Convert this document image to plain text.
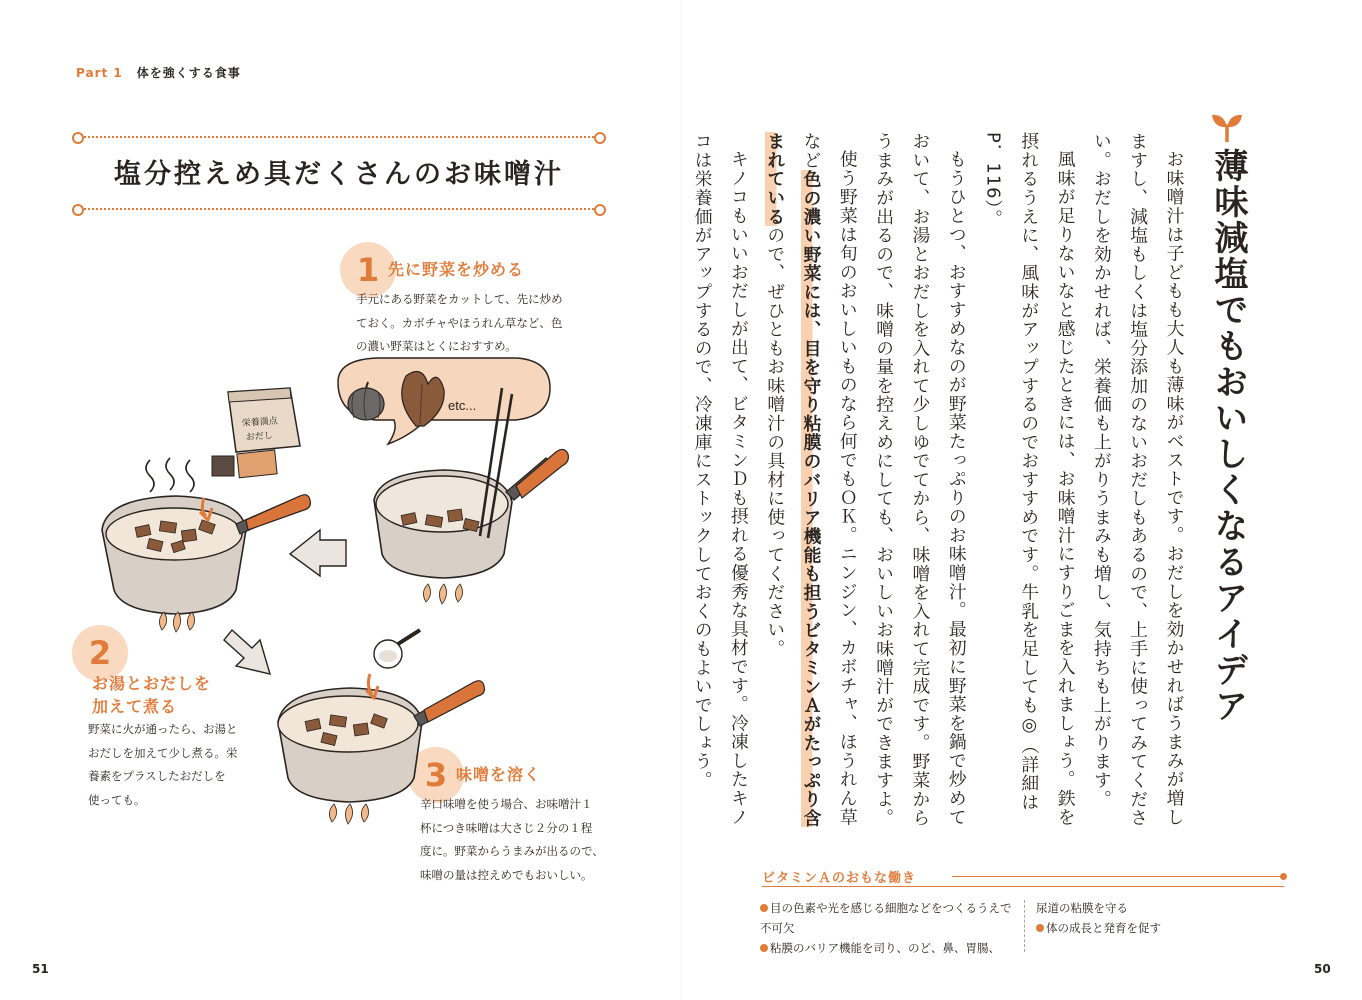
Part 1 体を強くする食事
塩分控えめ具だくさんのお味噌汁
1 先に野菜を炒める
手元にある野菜をカットして、先に炒め
ておく。カボチャやほうれん草など、色
の濃い野菜はとくにおすすめ。
2
お湯とおだしを
加えて煮る
野菜に火が通ったら、お湯と
おだしを加えて少し煮る。栄
養素をプラスしたおだしを
使っても。
3 味噌を溶く
辛口味噌を使う場合、お味噌汁１
杯につき味噌は大さじ２分の１程
度に。野菜からうまみが出るので、
味噌の量は控えめでもおいしい。
etc...
栄養満点
おだし
51
薄味減塩でもおいしくなるアイデア

お味噌汁は子どもも大人も薄味がベストです。おだしを効かせればうまみが増しますし、減塩もしくは塩分添加のないおだしもあるので、上手に使ってみてください。おだしを効かせれば、栄養価も上がりうまみも増し、気持ちも上がります。

風味が足りないなと感じたときには、お味噌汁にすりごまを入れましょう。鉄を摂れるうえに、風味がアップするのでおすすめです。牛乳を足しても◎（詳細はP．116）。

もうひとつ、おすすめなのが野菜たっぷりのお味噌汁。最初に野菜を鍋で炒めておいて、お湯とおだしを入れて少しゆでてから、味噌を入れて完成です。野菜からうまみが出るので、味噌の量を控えめにしても、おいしいお味噌汁ができますよ。

使う野菜は旬のおいしいものなら何でもＯＫ。ニンジン、カボチャ、ほうれん草など色の濃い野菜には、目を守り粘膜のバリア機能も担うビタミンＡがたっぷり含まれているので、ぜひともお味噌汁の具材に使ってください。

キノコもいいおだしが出て、ビタミンＤも摂れる優秀な具材です。冷凍したキノコは栄養価がアップするので、冷凍庫にストックしておくのもよいでしょう。

ビタミンＡのおもな働き
目の色素や光を感じる細胞などをつくるうえで不可欠
粘膜のバリア機能を司り、のど、鼻、胃腸、
尿道の粘膜を守る
体の成長と発育を促す
50
